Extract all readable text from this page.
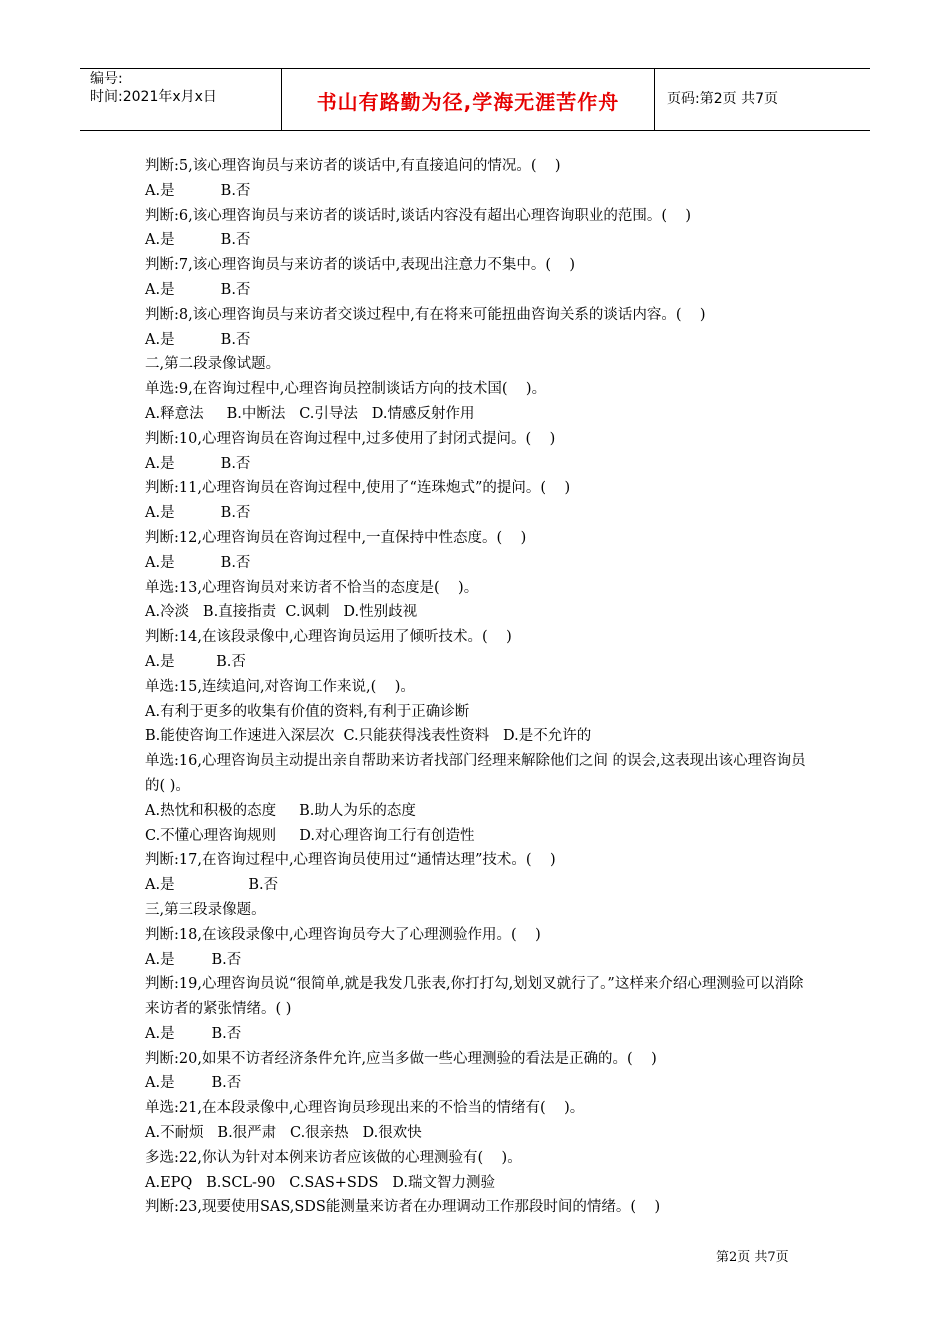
编号:
时间:2021年x月x日	书山有路勤为径,学海无涯苦作舟	页码:第2页 共7页
判断:5,该心理咨询员与来访者的谈话中,有直接追问的情况。(    )
A.是          B.否
判断:6,该心理咨询员与来访者的谈话时,谈话内容没有超出心理咨询职业的范围。(    )
A.是          B.否
判断:7,该心理咨询员与来访者的谈话中,表现出注意力不集中。(    )
A.是          B.否
判断:8,该心理咨询员与来访者交谈过程中,有在将来可能扭曲咨询关系的谈话内容。(    )
A.是          B.否
二,第二段录像试题。
单选:9,在咨询过程中,心理咨询员控制谈话方向的技术国(    )。
A.释意法     B.中断法   C.引导法   D.情感反射作用
判断:10,心理咨询员在咨询过程中,过多使用了封闭式提问。(    )
A.是          B.否
判断:11,心理咨询员在咨询过程中,使用了“连珠炮式”的提问。(    )
A.是          B.否
判断:12,心理咨询员在咨询过程中,一直保持中性态度。(    )
A.是          B.否
单选:13,心理咨询员对来访者不恰当的态度是(    )。
A.冷淡   B.直接指责  C.讽刺   D.性别歧视
判断:14,在该段录像中,心理咨询员运用了倾听技术。(    )
A.是         B.否
单选:15,连续追问,对咨询工作来说,(    )。
A.有利于更多的收集有价值的资料,有利于正确诊断
B.能使咨询工作速进入深层次  C.只能获得浅表性资料   D.是不允许的
单选:16,心理咨询员主动提出亲自帮助来访者找部门经理来解除他们之间 的误会,这表现出该心理咨询员的( )。
A.热忱和积极的态度     B.助人为乐的态度
C.不懂心理咨询规则     D.对心理咨询工行有创造性
判断:17,在咨询过程中,心理咨询员使用过“通情达理”技术。(    )
A.是                B.否
三,第三段录像题。
判断:18,在该段录像中,心理咨询员夸大了心理测验作用。(    )
A.是        B.否
判断:19,心理咨询员说“很简单,就是我发几张表,你打打勾,划划叉就行了。”这样来介绍心理测验可以消除来访者的紧张情绪。( )
A.是        B.否
判断:20,如果不访者经济条件允许,应当多做一些心理测验的看法是正确的。(    )
A.是        B.否
单选:21,在本段录像中,心理咨询员珍现出来的不恰当的情绪有(    )。
A.不耐烦   B.很严肃   C.很亲热   D.很欢快
多选:22,你认为针对本例来访者应该做的心理测验有(    )。
A.EPQ   B.SCL-90   C.SAS+SDS   D.瑞文智力测验
判断:23,现要使用SAS,SDS能测量来访者在办理调动工作那段时间的情绪。(    )
第2页 共7页
